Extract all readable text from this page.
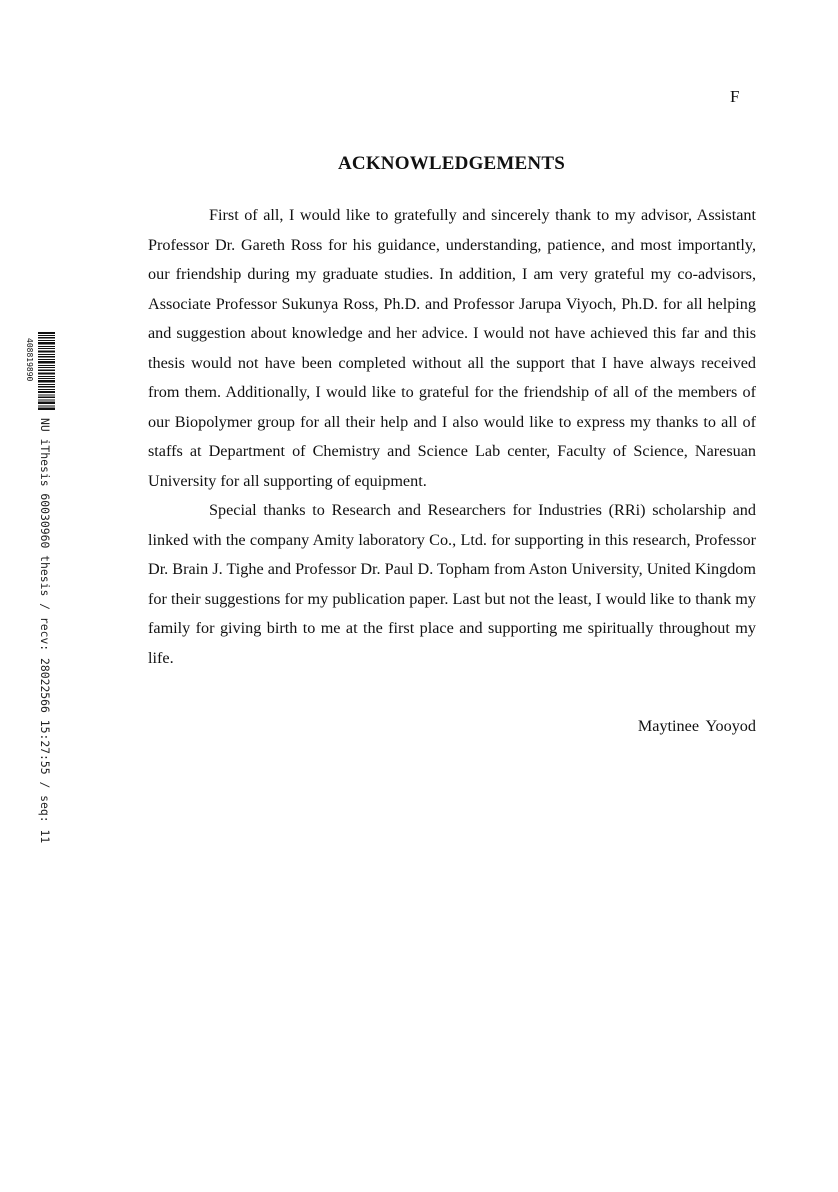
F
ACKNOWLEDGEMENTS

First of all, I would like to gratefully and sincerely thank to my advisor, Assistant Professor Dr. Gareth Ross for his guidance, understanding, patience, and most importantly, our friendship during my graduate studies. In addition, I am very grateful my co-advisors, Associate Professor Sukunya Ross, Ph.D. and Professor Jarupa Viyoch, Ph.D. for all helping and suggestion about knowledge and her advice. I would not have achieved this far and this thesis would not have been completed without all the support that I have always received from them. Additionally, I would like to grateful for the friendship of all of the members of our Biopolymer group for all their help and I also would like to express my thanks to all of staffs at Department of Chemistry and Science Lab center, Faculty of Science, Naresuan University for all supporting of equipment.

Special thanks to Research and Researchers for Industries (RRi) scholarship and linked with the company Amity laboratory Co., Ltd. for supporting in this research, Professor Dr. Brain J. Tighe and Professor Dr. Paul D. Topham from Aston University, United Kingdom for their suggestions for my publication paper. Last but not the least, I would like to thank my family for giving birth to me at the first place and supporting me spiritually throughout my life.

Maytinee Yooyod
408819890
NU iThesis 60030960 thesis / recv: 28022566 15:27:55 / seq: 11
